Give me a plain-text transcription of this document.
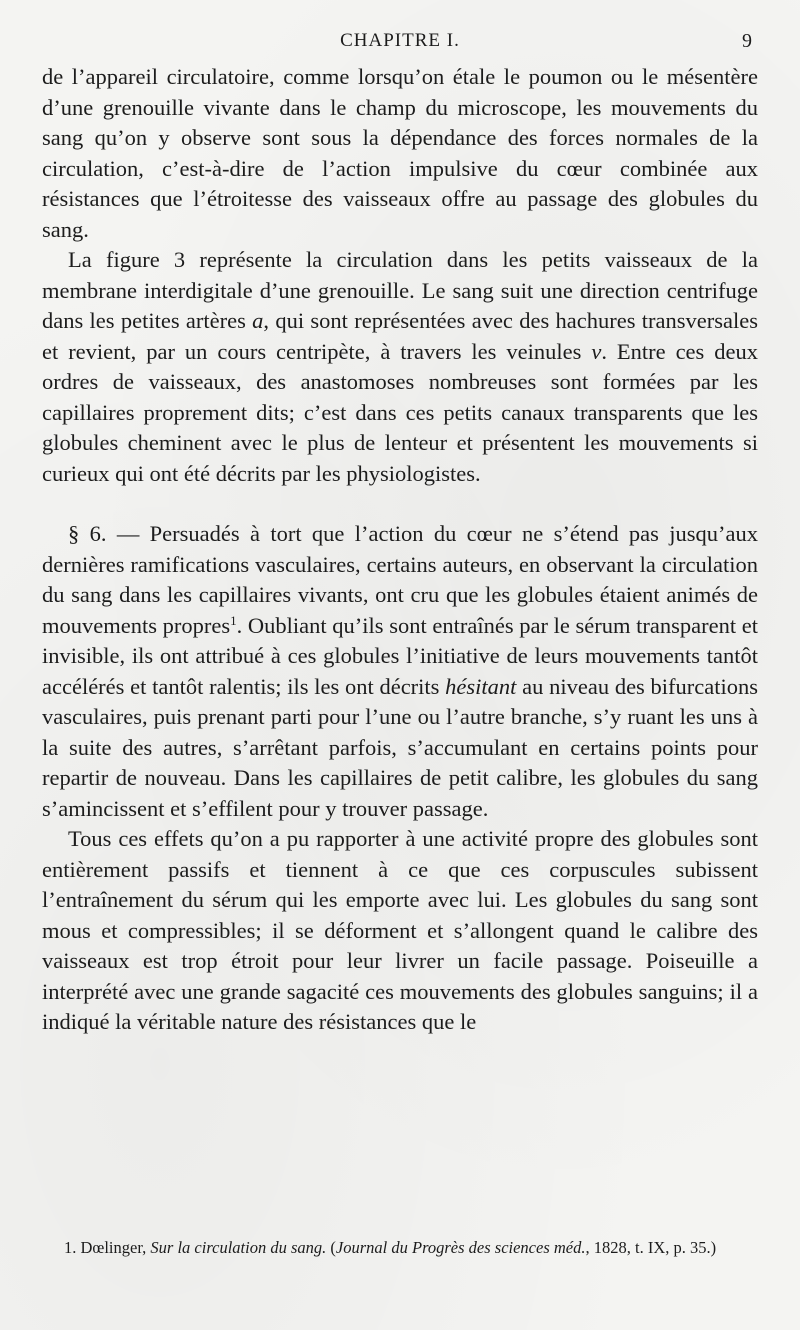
CHAPITRE I.	9

de l’appareil circulatoire, comme lorsqu’on étale le poumon ou le mésentère d’une grenouille vivante dans le champ du microscope, les mouvements du sang qu’on y observe sont sous la dépendance des forces normales de la circulation, c’est-à-dire de l’action impulsive du cœur combinée aux résistances que l’étroitesse des vaisseaux offre au passage des globules du sang.

La figure 3 représente la circulation dans les petits vaisseaux de la membrane interdigitale d’une grenouille. Le sang suit une direction centrifuge dans les petites artères a, qui sont représentées avec des hachures transversales et revient, par un cours centripète, à travers les veinules v. Entre ces deux ordres de vaisseaux, des anastomoses nombreuses sont formées par les capillaires proprement dits; c’est dans ces petits canaux transparents que les globules cheminent avec le plus de lenteur et présentent les mouvements si curieux qui ont été décrits par les physiologistes.

§ 6. — Persuadés à tort que l’action du cœur ne s’étend pas jusqu’aux dernières ramifications vasculaires, certains auteurs, en observant la circulation du sang dans les capillaires vivants, ont cru que les globules étaient animés de mouvements propres$^1$. Oubliant qu’ils sont entraînés par le sérum transparent et invisible, ils ont attribué à ces globules l’initiative de leurs mouvements tantôt accélérés et tantôt ralentis; ils les ont décrits hésitant au niveau des bifurcations vasculaires, puis prenant parti pour l’une ou l’autre branche, s’y ruant les uns à la suite des autres, s’arrêtant parfois, s’accumulant en certains points pour repartir de nouveau. Dans les capillaires de petit calibre, les globules du sang s’amincissent et s’effilent pour y trouver passage.

Tous ces effets qu’on a pu rapporter à une activité propre des globules sont entièrement passifs et tiennent à ce que ces corpuscules subissent l’entraînement du sérum qui les emporte avec lui. Les globules du sang sont mous et compressibles; il se déforment et s’allongent quand le calibre des vaisseaux est trop étroit pour leur livrer un facile passage. Poiseuille a interprété avec une grande sagacité ces mouvements des globules sanguins; il a indiqué la véritable nature des résistances que le

1. Dœlinger, Sur la circulation du sang. (Journal du Progrès des sciences méd., 1828, t. IX, p. 35.)
